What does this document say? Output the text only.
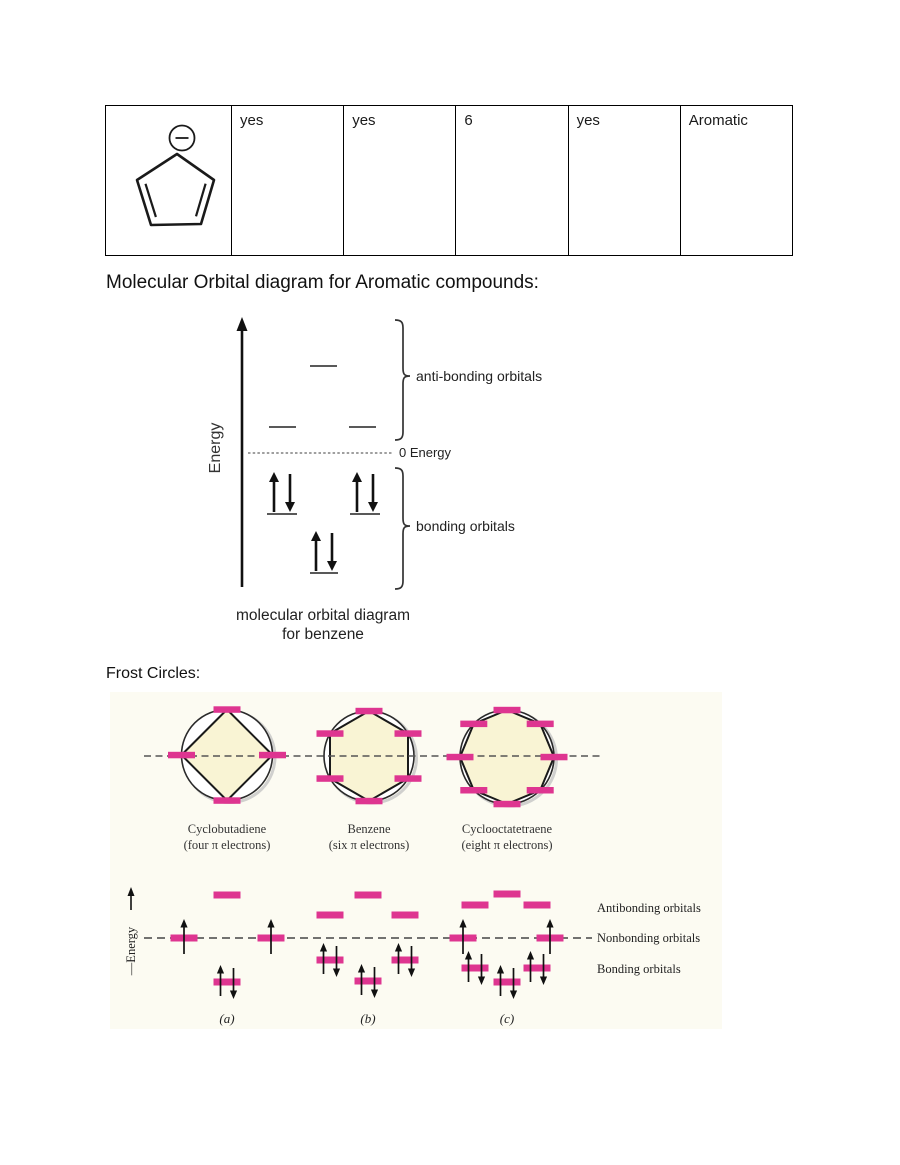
	yes	yes	6	yes	Aromatic
Molecular Orbital diagram for Aromatic compounds:
Energy
anti-bonding orbitals
0 Energy
bonding orbitals
molecular orbital diagram
for benzene
Frost Circles:
Cyclobutadiene
(four π electrons)
Benzene
(six π electrons)
Cyclooctatetraene
(eight π electrons)
—Energy
Antibonding orbitals
Nonbonding orbitals
Bonding orbitals
(a)	(b)	(c)
